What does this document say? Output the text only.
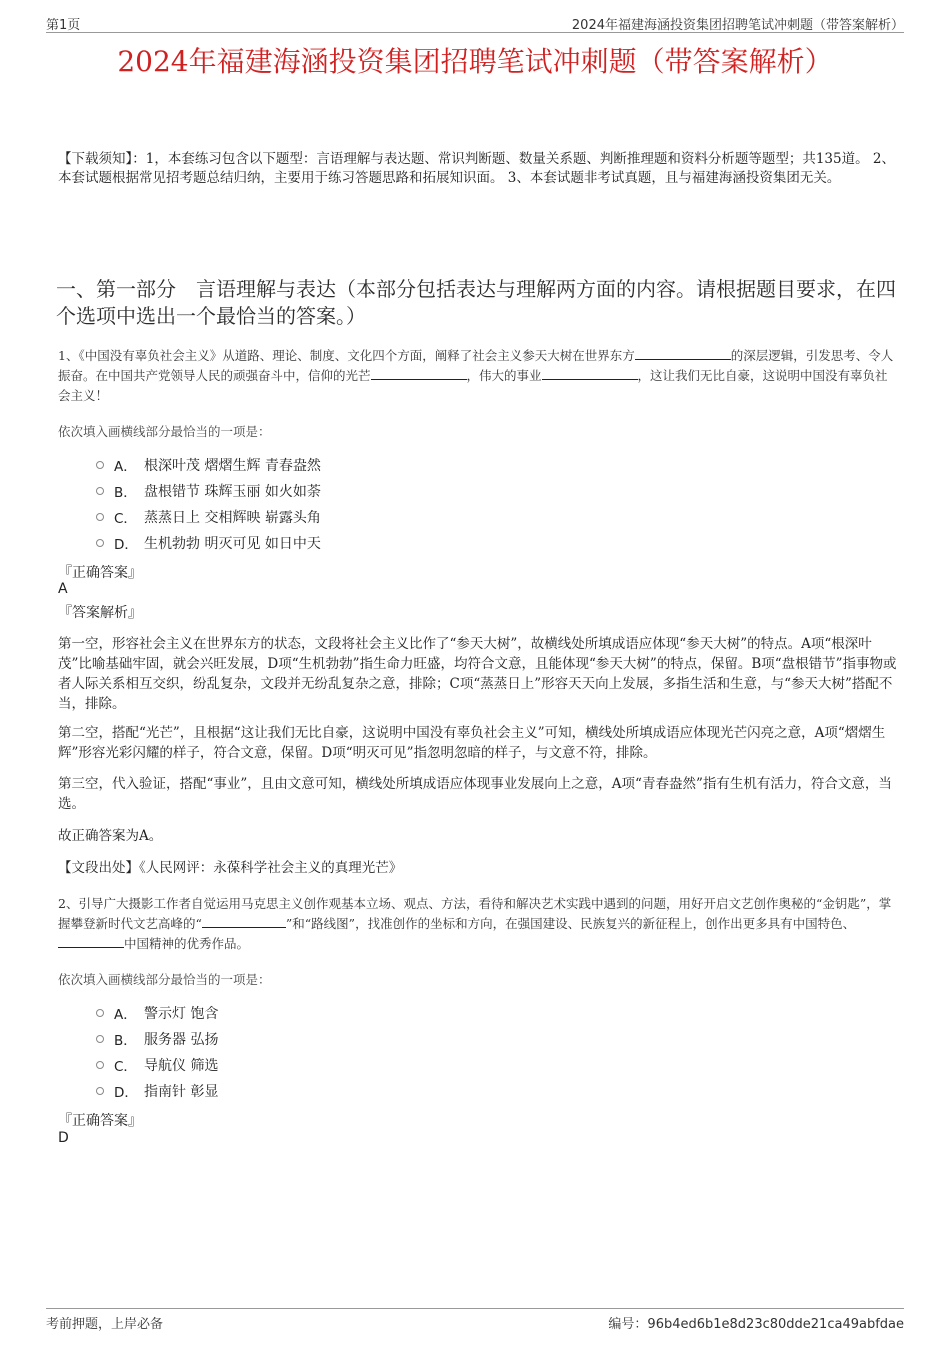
第1页	2024年福建海涵投资集团招聘笔试冲刺题（带答案解析）
2024年福建海涵投资集团招聘笔试冲刺题（带答案解析）
【下载须知】：1，本套练习包含以下题型：言语理解与表达题、常识判断题、数量关系题、判断推理题和资料分析题等题型；共135道。 2、本套试题根据常见招考题总结归纳，主要用于练习答题思路和拓展知识面。 3、本套试题非考试真题，且与福建海涵投资集团无关。
一、第一部分　言语理解与表达（本部分包括表达与理解两方面的内容。请根据题目要求，在四个选项中选出一个最恰当的答案。）
1、《中国没有辜负社会主义》从道路、理论、制度、文化四个方面，阐释了社会主义参天大树在世界东方	的深层逻辑，引发思考、令人振奋。在中国共产党领导人民的顽强奋斗中，信仰的光芒	，伟大的事业	，这让我们无比自豪，这说明中国没有辜负社会主义！
依次填入画横线部分最恰当的一项是：
A． 根深叶茂 熠熠生辉 青春盎然
B． 盘根错节 珠辉玉丽 如火如荼
C． 蒸蒸日上 交相辉映 崭露头角
D． 生机勃勃 明灭可见 如日中天
『正确答案』
A
『答案解析』
第一空，形容社会主义在世界东方的状态，文段将社会主义比作了“参天大树”，故横线处所填成语应体现“参天大树”的特点。A项“根深叶茂”比喻基础牢固，就会兴旺发展，D项“生机勃勃”指生命力旺盛，均符合文意，且能体现“参天大树”的特点，保留。B项“盘根错节”指事物或者人际关系相互交织，纷乱复杂，文段并无纷乱复杂之意，排除；C项“蒸蒸日上”形容天天向上发展，多指生活和生意，与“参天大树”搭配不当，排除。
第二空，搭配“光芒”，且根据“这让我们无比自豪，这说明中国没有辜负社会主义”可知，横线处所填成语应体现光芒闪亮之意，A项“熠熠生辉”形容光彩闪耀的样子，符合文意，保留。D项“明灭可见”指忽明忽暗的样子，与文意不符，排除。
第三空，代入验证，搭配“事业”，且由文意可知，横线处所填成语应体现事业发展向上之意，A项“青春盎然”指有生机有活力，符合文意，当选。
故正确答案为A。
【文段出处】《人民网评：永葆科学社会主义的真理光芒》
2、引导广大摄影工作者自觉运用马克思主义创作观基本立场、观点、方法，看待和解决艺术实践中遇到的问题，用好开启文艺创作奥秘的“金钥匙”，掌握攀登新时代文艺高峰的“	”和“路线图”，找准创作的坐标和方向，在强国建设、民族复兴的新征程上，创作出更多具有中国特色、中国精神的优秀作品。
依次填入画横线部分最恰当的一项是：
A． 警示灯 饱含
B． 服务器 弘扬
C． 导航仪 筛选
D． 指南针 彰显
『正确答案』
D
考前押题，上岸必备	编号：96b4ed6b1e8d23c80dde21ca49abfdae
